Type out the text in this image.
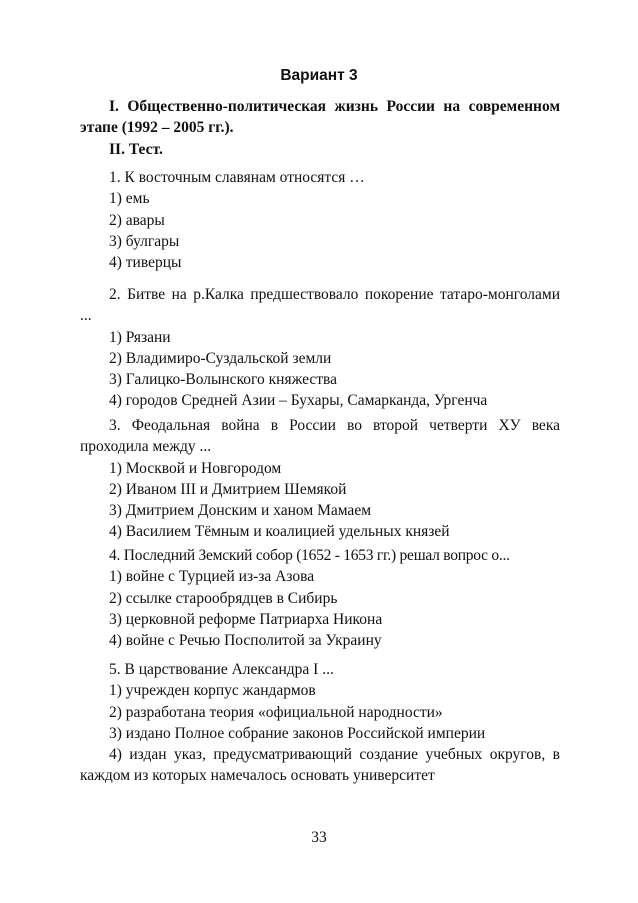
Вариант 3
I. Общественно-политическая жизнь России на современном этапе (1992 – 2005 гг.).
II. Тест.
1. К восточным славянам относятся …
1) емь
2) авары
3) булгары
4) тиверцы
2. Битве на р.Калка предшествовало покорение татаро-монголами ...
1) Рязани
2) Владимиро-Суздальской земли
3) Галицко-Волынского княжества
4) городов Средней Азии – Бухары, Самарканда, Ургенча
3. Феодальная война в России во второй четверти ХУ века проходила между ...
1) Москвой и Новгородом
2) Иваном III и Дмитрием Шемякой
3) Дмитрием Донским и ханом Мамаем
4) Василием Тёмным и коалицией удельных князей
4. Последний Земский собор (1652 - 1653 гг.) решал вопрос о...
1) войне с Турцией из-за Азова
2) ссылке старообрядцев в Сибирь
3) церковной реформе Патриарха Никона
4) войне с Речью Посполитой за Украину
5. В царствование Александра I ...
1) учрежден корпус жандармов
2) разработана теория «официальной народности»
3) издано Полное собрание законов Российской империи
4) издан указ, предусматривающий создание учебных округов, в каждом из которых намечалось основать университет
33
